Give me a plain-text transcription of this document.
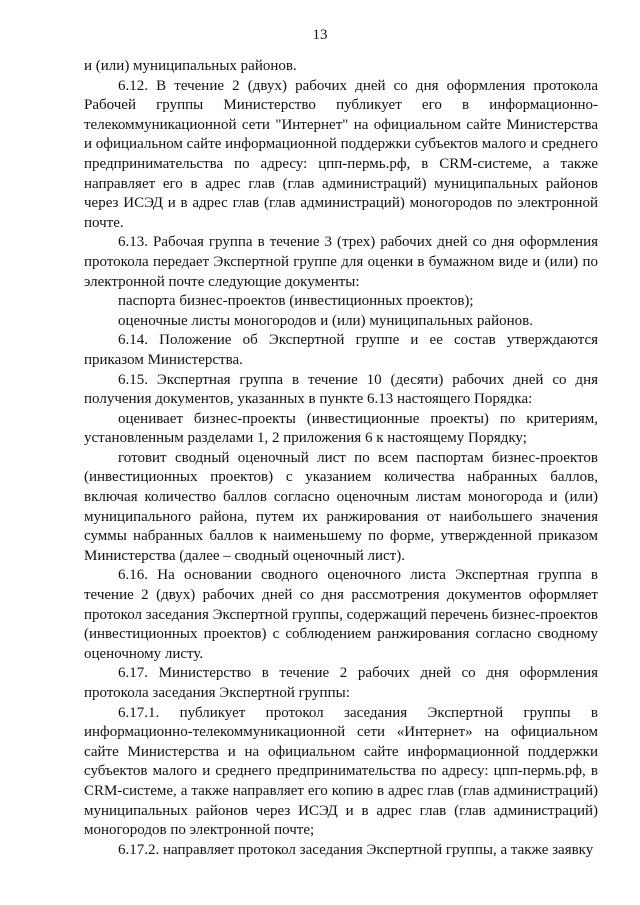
13

и (или) муниципальных районов.

6.12. В течение 2 (двух) рабочих дней со дня оформления протокола Рабочей группы Министерство публикует его в информационно-телекоммуникационной сети "Интернет" на официальном сайте Министерства и официальном сайте информационной поддержки субъектов малого и среднего предпринимательства по адресу: цпп-пермь.рф, в CRM-системе, а также направляет его в адрес глав (глав администраций) муниципальных районов через ИСЭД и в адрес глав (глав администраций) моногородов по электронной почте.

6.13. Рабочая группа в течение 3 (трех) рабочих дней со дня оформления протокола передает Экспертной группе для оценки в бумажном виде и (или) по электронной почте следующие документы:

паспорта бизнес-проектов (инвестиционных проектов);

оценочные листы моногородов и (или) муниципальных районов.

6.14. Положение об Экспертной группе и ее состав утверждаются приказом Министерства.

6.15. Экспертная группа в течение 10 (десяти) рабочих дней со дня получения документов, указанных в пункте 6.13 настоящего Порядка:

оценивает бизнес-проекты (инвестиционные проекты) по критериям, установленным разделами 1, 2 приложения 6 к настоящему Порядку;

готовит сводный оценочный лист по всем паспортам бизнес-проектов (инвестиционных проектов) с указанием количества набранных баллов, включая количество баллов согласно оценочным листам моногорода и (или) муниципального района, путем их ранжирования от наибольшего значения суммы набранных баллов к наименьшему по форме, утвержденной приказом Министерства (далее – сводный оценочный лист).

6.16. На основании сводного оценочного листа Экспертная группа в течение 2 (двух) рабочих дней со дня рассмотрения документов оформляет протокол заседания Экспертной группы, содержащий перечень бизнес-проектов (инвестиционных проектов) с соблюдением ранжирования согласно сводному оценочному листу.

6.17. Министерство в течение 2 рабочих дней со дня оформления протокола заседания Экспертной группы:

6.17.1. публикует протокол заседания Экспертной группы в информационно-телекоммуникационной сети «Интернет» на официальном сайте Министерства и на официальном сайте информационной поддержки субъектов малого и среднего предпринимательства по адресу: цпп-пермь.рф, в CRM-системе, а также направляет его копию в адрес глав (глав администраций) муниципальных районов через ИСЭД и в адрес глав (глав администраций) моногородов по электронной почте;

6.17.2. направляет протокол заседания Экспертной группы, а также заявку
